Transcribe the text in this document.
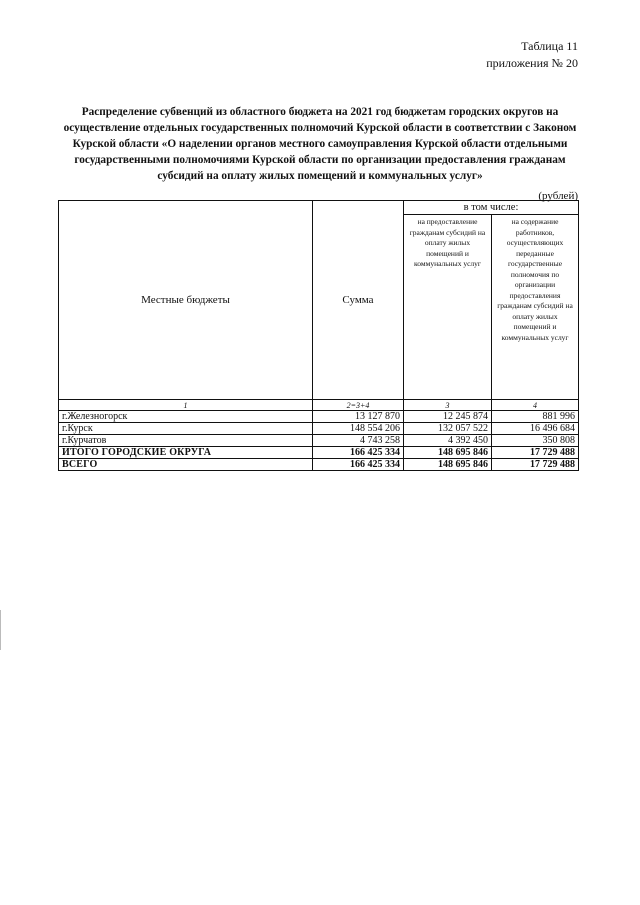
Таблица 11
приложения № 20
Распределение субвенций из областного бюджета на 2021 год бюджетам городских округов на осуществление отдельных государственных полномочий Курской области в соответствии с Законом Курской области «О наделении органов местного самоуправления Курской области отдельными государственными полномочиями Курской области по организации предоставления гражданам субсидий на оплату жилых помещений и коммунальных услуг»
(рублей)
Местные бюджеты	Сумма	в том числе:	
		на предоставление гражданам субсидий на оплату жилых помещений и коммунальных услуг	на содержание работников, осуществляющих переданные государственные полномочия по организации предоставления гражданам субсидий на оплату жилых помещений и коммунальных услуг
1	2=3+4	3	4
г.Железногорск	13 127 870	12 245 874	881 996
г.Курск	148 554 206	132 057 522	16 496 684
г.Курчатов	4 743 258	4 392 450	350 808
ИТОГО ГОРОДСКИЕ ОКРУГА	166 425 334	148 695 846	17 729 488
ВСЕГО	166 425 334	148 695 846	17 729 488
